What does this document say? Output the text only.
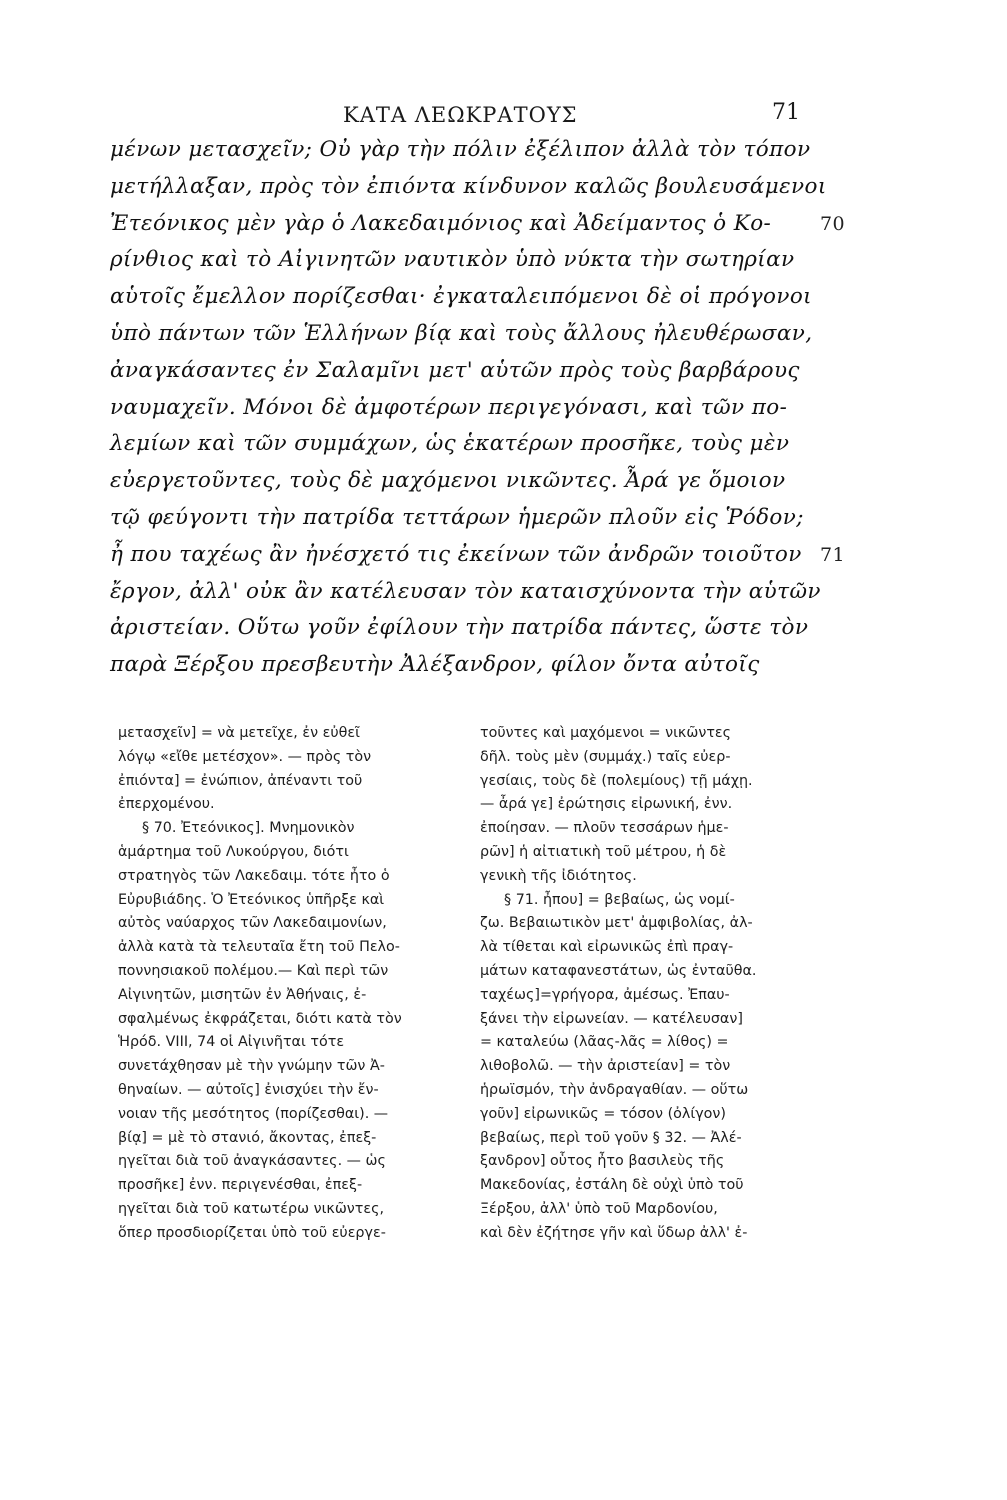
ΚΑΤΑ ΛΕΩΚΡΑΤΟΥΣ	71
μένων μετασχεῖν; Οὐ γὰρ τὴν πόλιν ἐξέλιπον ἀλλὰ τὸν τόπον
μετήλλαξαν, πρὸς τὸν ἐπιόντα κίνδυνον καλῶς βουλευσάμενοι
Ἐτεόνικος μὲν γὰρ ὁ Λακεδαιμόνιος καὶ Ἀδείμαντος ὁ Κο-	70
ρίνθιος καὶ τὸ Αἰγινητῶν ναυτικὸν ὑπὸ νύκτα τὴν σωτηρίαν
αὑτοῖς ἔμελλον πορίζεσθαι· ἐγκαταλειπόμενοι δὲ οἱ πρόγονοι
ὑπὸ πάντων τῶν Ἑλλήνων βίᾳ καὶ τοὺς ἄλλους ἠλευθέρωσαν,
ἀναγκάσαντες ἐν Σαλαμῖνι μετ' αὑτῶν πρὸς τοὺς βαρβάρους
ναυμαχεῖν. Μόνοι δὲ ἀμφοτέρων περιγεγόνασι, καὶ τῶν πο-
λεμίων καὶ τῶν συμμάχων, ὡς ἑκατέρων προσῆκε, τοὺς μὲν
εὐεργετοῦντες, τοὺς δὲ μαχόμενοι νικῶντες. Ἆρά γε ὅμοιον
τῷ φεύγοντι τὴν πατρίδα τεττάρων ἡμερῶν πλοῦν εἰς Ῥόδον;
ἦ που ταχέως ἂν ἠνέσχετό τις ἐκείνων τῶν ἀνδρῶν τοιοῦτον 71
ἔργον, ἀλλ' οὐκ ἂν κατέλευσαν τὸν καταισχύνοντα τὴν αὑτῶν
ἀριστείαν. Οὕτω γοῦν ἐφίλουν τὴν πατρίδα πάντες, ὥστε τὸν
παρὰ Ξέρξου πρεσβευτὴν Ἀλέξανδρον, φίλον ὄντα αὐτοῖς
μετασχεῖν] = νὰ μετεῖχε, ἐν εὐθεῖ
λόγῳ «εἴθε μετέσχον». — πρὸς τὸν
ἐπιόντα] = ἐνώπιον, ἀπέναντι τοῦ
ἐπερχομένου.
§ 70. Ἐτεόνικος]. Μνημονικὸν
ἁμάρτημα τοῦ Λυκούργου, διότι
στρατηγὸς τῶν Λακεδαιμ. τότε ἦτο ὁ
Εὐρυβιάδης. Ὁ Ἐτεόνικος ὑπῆρξε καὶ
αὐτὸς ναύαρχος τῶν Λακεδαιμονίων,
ἀλλὰ κατὰ τὰ τελευταῖα ἔτη τοῦ Πελο-
ποννησιακοῦ πολέμου.— Καὶ περὶ τῶν
Αἰγινητῶν, μισητῶν ἐν Ἀθήναις, ἐ-
σφαλμένως ἐκφράζεται, διότι κατὰ τὸν
Ἡρόδ. VIII, 74 οἱ Αἰγινῆται τότε
συνετάχθησαν μὲ τὴν γνώμην τῶν Ἀ-
θηναίων. — αὐτοῖς] ἐνισχύει τὴν ἔν-
νοιαν τῆς μεσότητος (πορίζεσθαι). —
βίᾳ] = μὲ τὸ στανιό, ἄκοντας, ἐπεξ-
ηγεῖται διὰ τοῦ ἀναγκάσαντες. — ὡς
προσῆκε] ἐνν. περιγενέσθαι, ἐπεξ-
ηγεῖται διὰ τοῦ κατωτέρω νικῶντες,
ὅπερ προσδιορίζεται ὑπὸ τοῦ εὐεργε-
τοῦντες καὶ μαχόμενοι = νικῶντες
δῆλ. τοὺς μὲν (συμμάχ.) ταῖς εὐερ-
γεσίαις, τοὺς δὲ (πολεμίους) τῇ μάχῃ.
— ἆρά γε] ἐρώτησις εἰρωνική, ἐνν.
ἐποίησαν. — πλοῦν τεσσάρων ἡμε-
ρῶν] ἡ αἰτιατικὴ τοῦ μέτρου, ἡ δὲ
γενικὴ τῆς ἰδιότητος.
§ 71. ἦπου] = βεβαίως, ὡς νομί-
ζω. Βεβαιωτικὸν μετ' ἀμφιβολίας, ἀλ-
λὰ τίθεται καὶ εἰρωνικῶς ἐπὶ πραγ-
μάτων καταφανεστάτων, ὡς ἐνταῦθα.
ταχέως]=γρήγορα, ἀμέσως. Ἐπαυ-
ξάνει τὴν εἰρωνείαν. — κατέλευσαν]
= καταλεύω (λᾶας-λᾶς = λίθος) =
λιθοβολῶ. — τὴν ἀριστείαν] = τὸν
ἡρωϊσμόν, τὴν ἀνδραγαθίαν. — οὕτω
γοῦν] εἰρωνικῶς = τόσον (ὀλίγον)
βεβαίως, περὶ τοῦ γοῦν § 32. — Ἀλέ-
ξανδρον] οὗτος ἦτο βασιλεὺς τῆς
Μακεδονίας, ἐστάλη δὲ οὐχὶ ὑπὸ τοῦ
Ξέρξου, ἀλλ' ὑπὸ τοῦ Μαρδονίου,
καὶ δὲν ἐζήτησε γῆν καὶ ὕδωρ ἀλλ' ἐ-
